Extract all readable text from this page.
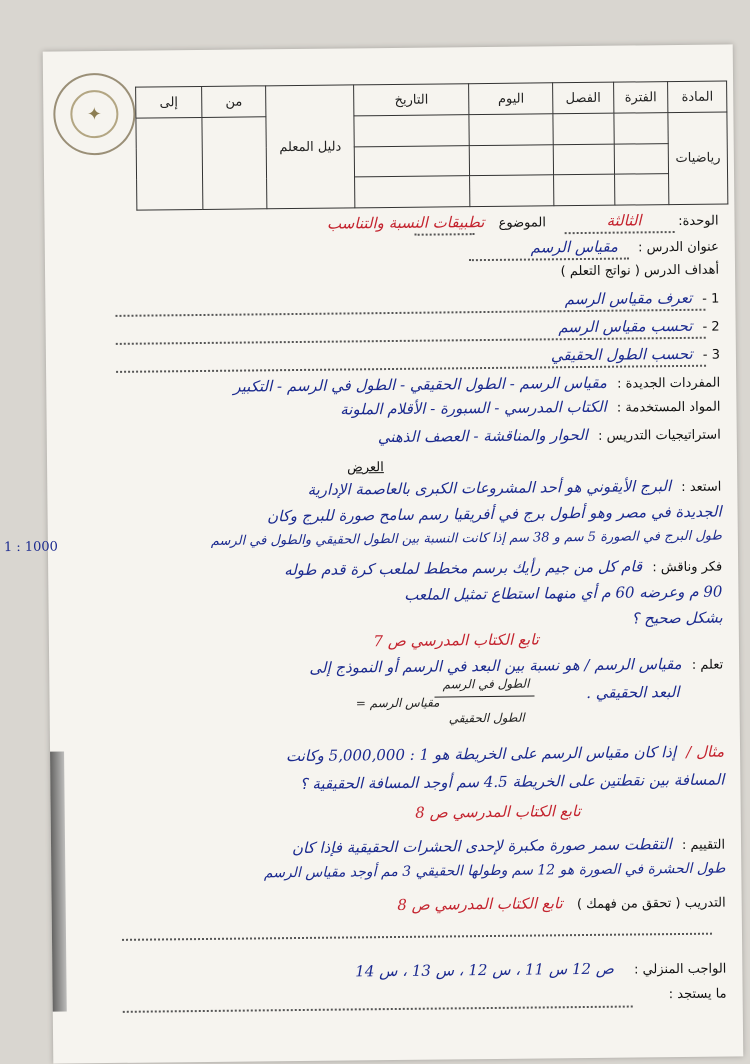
✦
المادة	الفترة	الفصل	اليوم	التاريخ	دليل المعلم	من	إلى
رياضيات							

الوحدة: الثالثة الموضوع تطبيقات النسبة والتناسب
عنوان الدرس : مقياس الرسم
أهداف الدرس ( نواتج التعلم )
1 - تعرف مقياس الرسم
2 - تحسب مقياس الرسم
3 - تحسب الطول الحقيقي
المفردات الجديدة : مقياس الرسم - الطول الحقيقي - الطول في الرسم - التكبير
المواد المستخدمة : الكتاب المدرسي - السبورة - الأقلام الملونة
استراتيجيات التدريس : الحوار والمناقشة - العصف الذهني
العرض
استعد : البرج الأيقوني هو أحد المشروعات الكبرى بالعاصمة الإدارية
الجديدة في مصر وهو أطول برج في أفريقيا رسم سامح صورة للبرج وكان
طول البرج في الصورة 5 سم و 38 سم إذا كانت النسبة بين الطول الحقيقي والطول في الرسم
1 : 1000
فكر وناقش : قام كل من جيم رأيك برسم مخطط لملعب كرة قدم طوله
90 م وعرضه 60 م أي منهما استطاع تمثيل الملعب
بشكل صحيح ؟
تابع الكتاب المدرسي ص 7
تعلم : مقياس الرسم / هو نسبة بين البعد في الرسم أو النموذج إلى
البعد الحقيقي .
مقياس الرسم =
الطول في الرسم
الطول الحقيقي
مثال / إذا كان مقياس الرسم على الخريطة هو 1 : 5,000,000 وكانت
المسافة بين نقطتين على الخريطة 4.5 سم أوجد المسافة الحقيقية ؟
تابع الكتاب المدرسي ص 8
التقييم : التقطت سمر صورة مكبرة لإحدى الحشرات الحقيقية فإذا كان
طول الحشرة في الصورة هو 12 سم وطولها الحقيقي 3 مم أوجد مقياس الرسم
التدريب ( تحقق من فهمك ) تابع الكتاب المدرسي ص 8
الواجب المنزلي : ص 12 س 11 ، س 12 ، س 13 ، س 14
ما يستجد :
